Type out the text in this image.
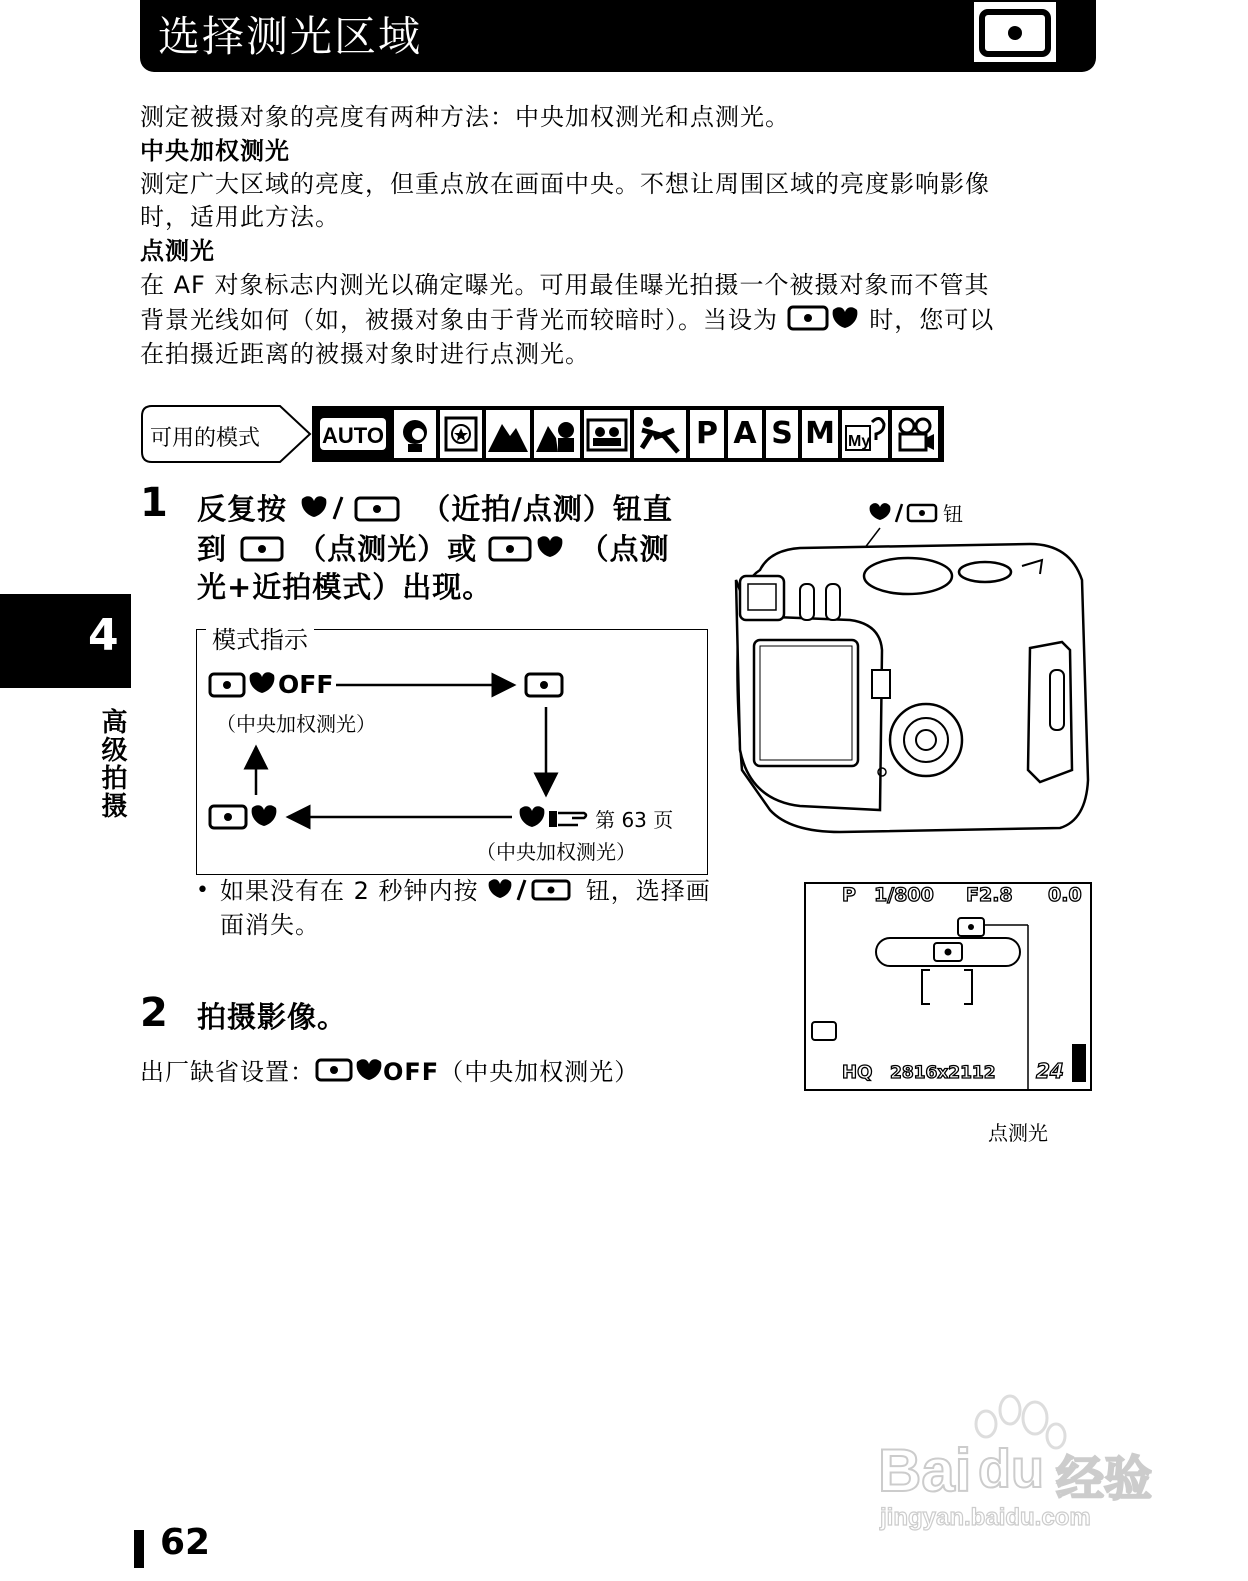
选择测光区域
测定被摄对象的亮度有两种方法：中央加权测光和点测光。
中央加权测光
测定广大区域的亮度，但重点放在画面中央。不想让周围区域的亮度影响影像
时，适用此方法。
点测光
在 AF 对象标志内测光以确定曝光。可用最佳曝光拍摄一个被摄对象而不管其
背景光线如何（如，被摄对象由于背光而较暗时）。当设为	时，您可以
在拍摄近距离的被摄对象时进行点测光。
可用的模式	AUTO	P A S M My
1 反复按	（近拍/点测）钮直
到 （点测光）或	（点测
光+近拍模式）出现。
模式指示
OFF
（中央加权测光）
第 63 页
（中央加权测光）
• 如果没有在 2 秒钟内按	钮，选择画
面消失。
2 拍摄影像。
出厂缺省设置：	OFF（中央加权测光）
钮
P 1/800 F2.8 0.0
HQ 2816x2112 24
点测光
4
高级拍摄
62
Bai du 经验
jingyan.baidu.com
